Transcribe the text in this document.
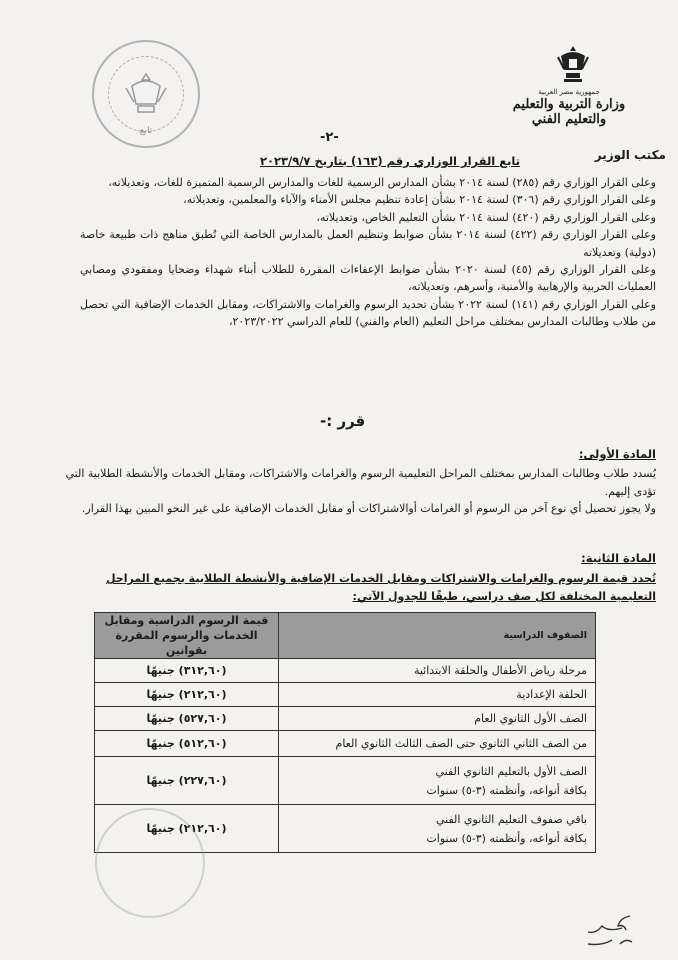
تابع
جمهورية مصر العربية
وزارة التربية والتعليم والتعليم الفني
مكتب الوزير
-٢-
تابع القرار الوزاري رقم (١٦٣) بتاريخ ٢٠٢٣/٩/٧

وعلى القرار الوزاري رقم (٢٨٥) لسنة ٢٠١٤ بشأن المدارس الرسمية للغات والمدارس الرسمية المتميزة للغات، وتعديلاته،

وعلى القرار الوزاري رقم (٣٠٦) لسنة ٢٠١٤ بشأن إعادة تنظيم مجلس الأمناء والآباء والمعلمين، وتعديلاته،

وعلى القرار الوزاري رقم (٤٢٠) لسنة ٢٠١٤ بشأن التعليم الخاص، وتعديلاته،

وعلى القرار الوزاري رقم (٤٢٢) لسنة ٢٠١٤ بشأن ضوابط وتنظيم العمل بالمدارس الخاصة التي تُطبق مناهج ذات طبيعة خاصة (دولية) وتعديلاته

وعلى القرار الوزاري رقم (٤٥) لسنة ٢٠٢٠ بشأن ضوابط الإعفاءات المقررة للطلاب أبناء شهداء وضحايا ومفقودي ومصابي العمليات الحربية والإرهابية والأمنية، وأسرهم، وتعديلاته،

وعلى القرار الوزاري رقم (١٤١) لسنة ٢٠٢٢ بشأن تحديد الرسوم والغرامات والاشتراكات، ومقابل الخدمات الإضافية التي تحصل من طلاب وطالبات المدارس بمختلف مراحل التعليم (العام والفني) للعام الدراسي ٢٠٢٣/٢٠٢٢،

قرر :-
المادة الأولى:

يُسدد طلاب وطالبات المدارس بمختلف المراحل التعليمية الرسوم والغرامات والاشتراكات، ومقابل الخدمات والأنشطة الطلابية التي تؤدى إليهم.

ولا يجوز تحصيل أي نوع آخر من الرسوم أو الغرامات أوالاشتراكات أو مقابل الخدمات الإضافية على غير النحو المبين بهذا القرار.

المادة الثانية:

تُحدد قيمة الرسوم والغرامات والاشتراكات ومقابل الخدمات الإضافية والأنشطة الطلابية بجميع المراحل التعليمية المختلفة لكل صف دراسي، طبقًا للجدول الآتي:

الصفوف الدراسية	قيمة الرسوم الدراسية ومقابل الخدمات والرسوم المقررة بقوانين
مرحلة رياض الأطفال والحلقة الابتدائية	(٣١٢,٦٠) جنيهًا
الحلقة الإعدادية	(٢١٢,٦٠) جنيهًا
الصف الأول الثانوي العام	(٥٢٧,٦٠) جنيهًا
من الصف الثاني الثانوي حتى الصف الثالث الثانوي العام	(٥١٢,٦٠) جنيهًا
الصف الأول بالتعليم الثانوي الفني
بكافة أنواعه، وأنظمته (٣-٥) سنوات	(٢٢٧,٦٠) جنيهًا
باقي صفوف التعليم الثانوي الفني
بكافة أنواعه، وأنظمته (٣-٥) سنوات	(٢١٢,٦٠) جنيهًا
